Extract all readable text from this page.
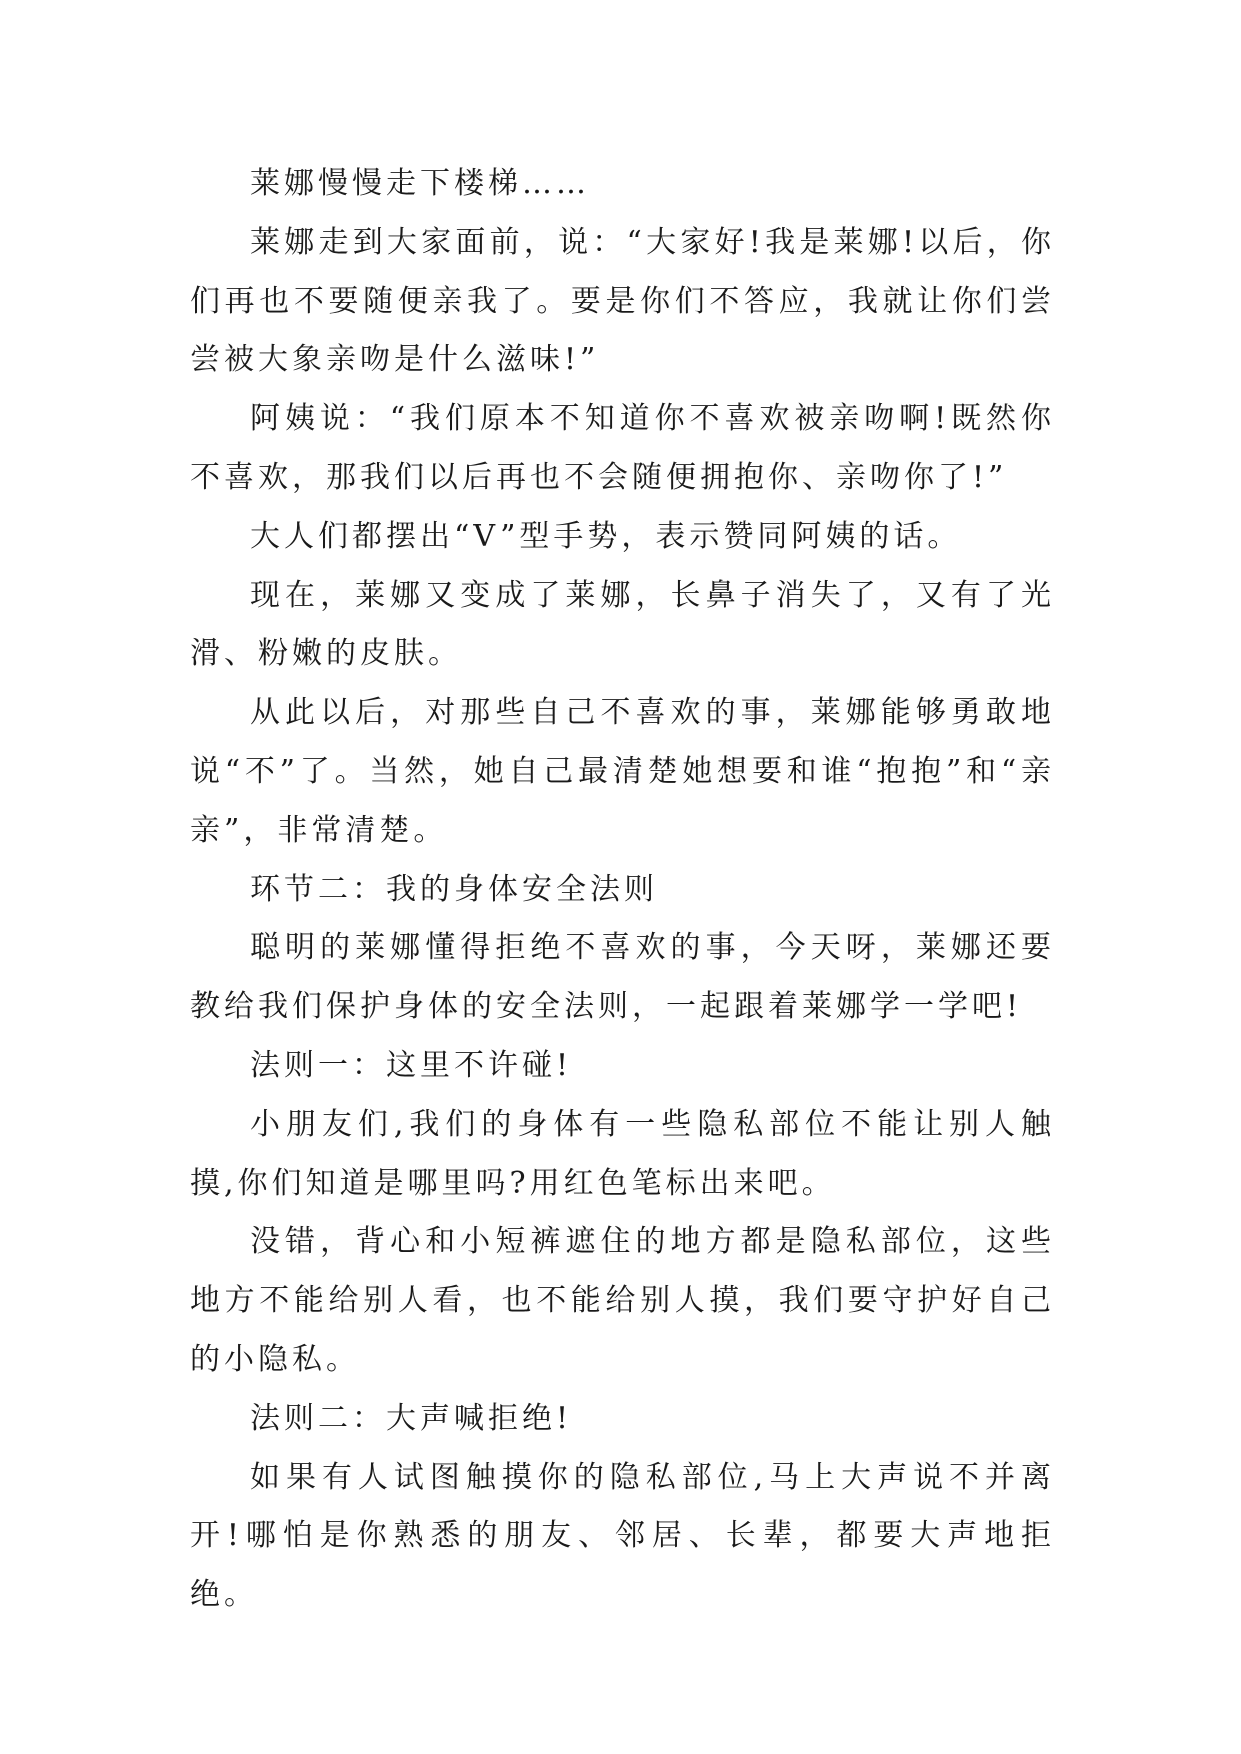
莱娜慢慢走下楼梯……

莱娜走到大家面前，说：“大家好!我是莱娜!以后，你们再也不要随便亲我了。要是你们不答应，我就让你们尝尝被大象亲吻是什么滋味!”

阿姨说：“我们原本不知道你不喜欢被亲吻啊!既然你不喜欢，那我们以后再也不会随便拥抱你、亲吻你了!”

大人们都摆出“V”型手势，表示赞同阿姨的话。

现在，莱娜又变成了莱娜，长鼻子消失了，又有了光滑、粉嫩的皮肤。

从此以后，对那些自己不喜欢的事，莱娜能够勇敢地说“不”了。当然，她自己最清楚她想要和谁“抱抱”和“亲亲”，非常清楚。

环节二：我的身体安全法则

聪明的莱娜懂得拒绝不喜欢的事，今天呀，莱娜还要教给我们保护身体的安全法则，一起跟着莱娜学一学吧!

法则一：这里不许碰!

小朋友们,我们的身体有一些隐私部位不能让别人触摸,你们知道是哪里吗?用红色笔标出来吧。

没错，背心和小短裤遮住的地方都是隐私部位，这些地方不能给别人看，也不能给别人摸，我们要守护好自己的小隐私。

法则二：大声喊拒绝!

如果有人试图触摸你的隐私部位,马上大声说不并离开!哪怕是你熟悉的朋友、邻居、长辈，都要大声地拒绝。
